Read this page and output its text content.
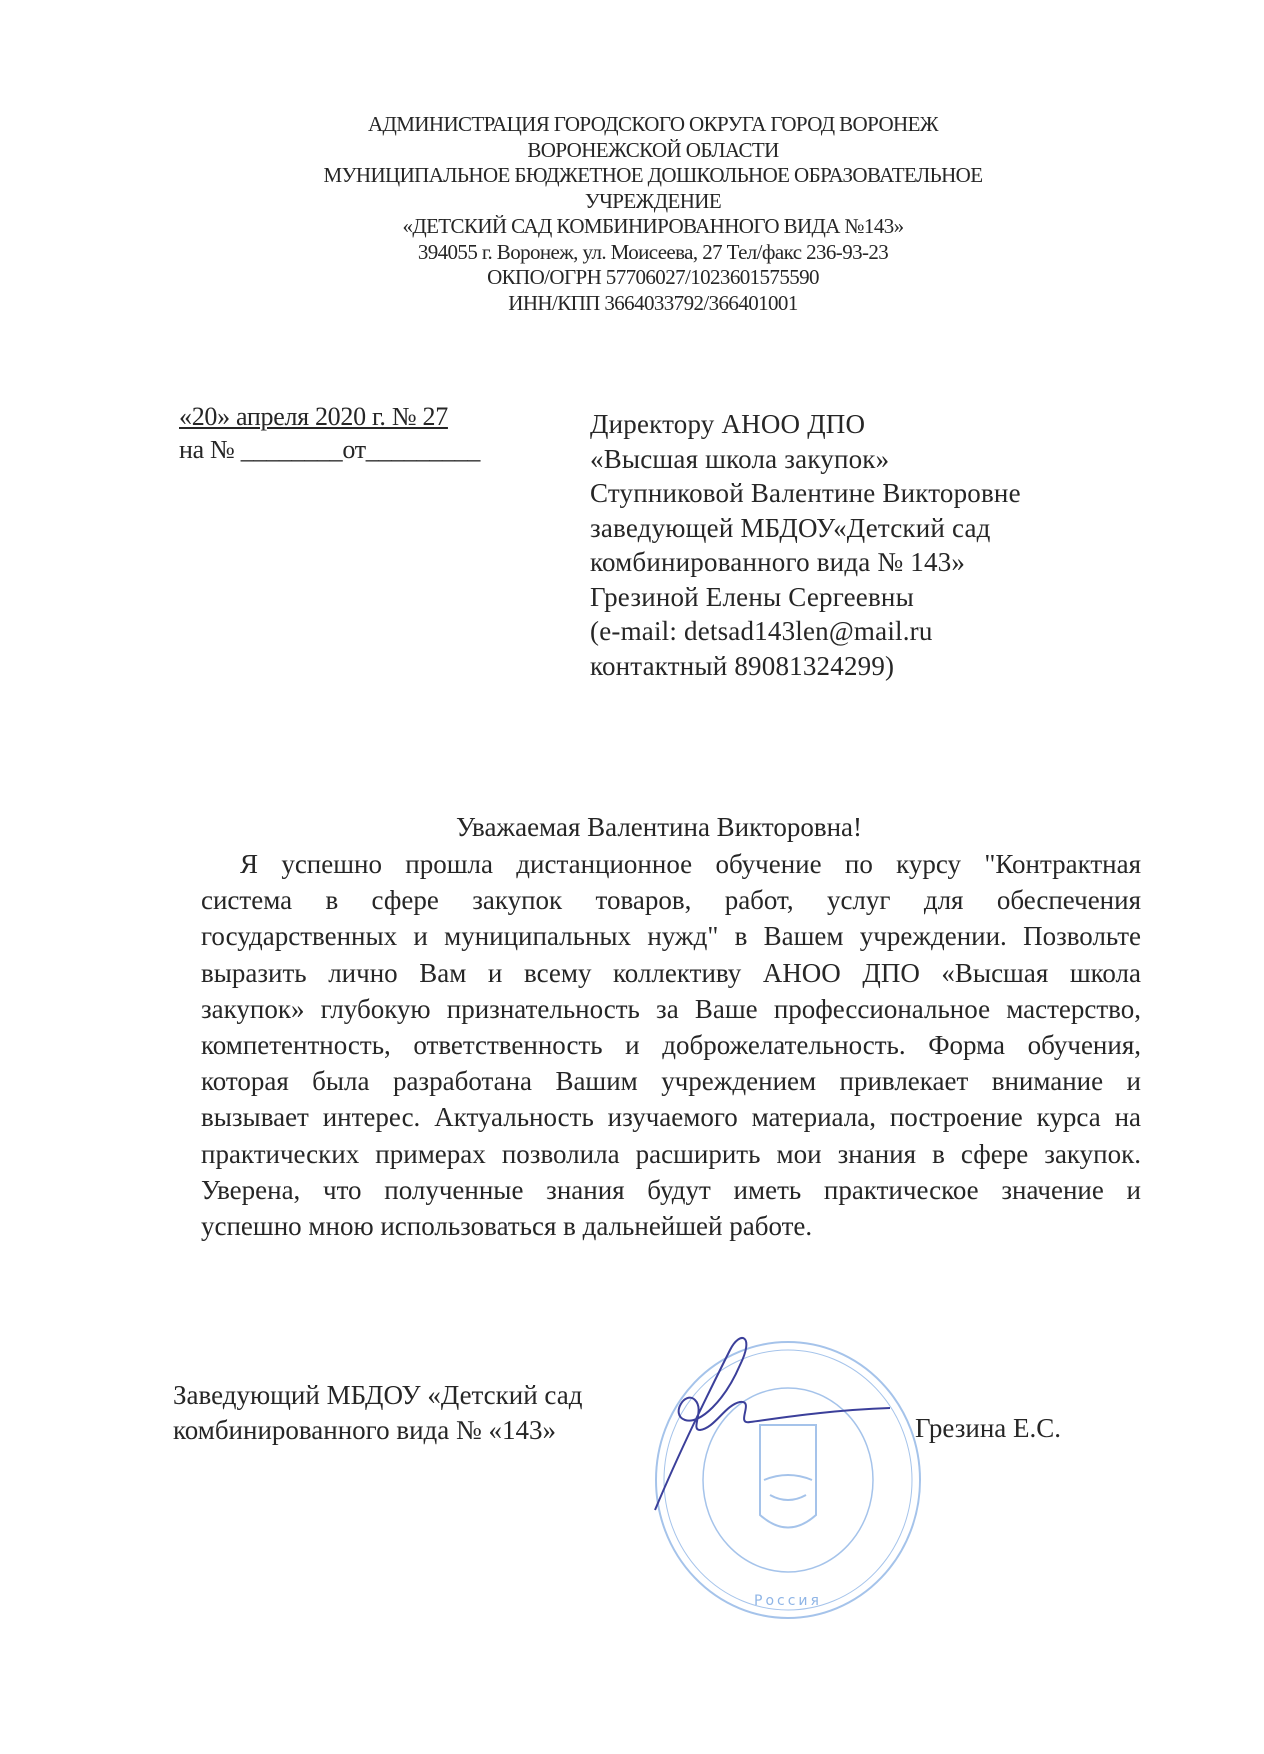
АДМИНИСТРАЦИЯ ГОРОДСКОГО ОКРУГА ГОРОД ВОРОНЕЖ
ВОРОНЕЖСКОЙ ОБЛАСТИ
МУНИЦИПАЛЬНОЕ БЮДЖЕТНОЕ ДОШКОЛЬНОЕ ОБРАЗОВАТЕЛЬНОЕ
УЧРЕЖДЕНИЕ
«ДЕТСКИЙ САД КОМБИНИРОВАННОГО ВИДА №143»
394055 г. Воронеж, ул. Моисеева, 27 Тел/факс 236-93-23
ОКПО/ОГРН 57706027/1023601575590
ИНН/КПП 3664033792/366401001
«20» апреля 2020 г. № 27
на № ________от_________
Директору АНОО ДПО
«Высшая школа закупок»
Ступниковой Валентине Викторовне
заведующей МБДОУ«Детский сад
комбинированного вида № 143»
Грезиной Елены Сергеевны
(e-mail: detsad143len@mail.ru
контактный 89081324299)
Уважаемая Валентина Викторовна!
Я успешно прошла дистанционное обучение по курсу "Контрактная
система в сфере закупок товаров, работ, услуг для обеспечения
государственных и муниципальных нужд" в Вашем учреждении. Позвольте
выразить лично Вам и всему коллективу АНОО ДПО «Высшая школа
закупок» глубокую признательность за Ваше профессиональное мастерство,
компетентность, ответственность и доброжелательность. Форма обучения,
которая была разработана Вашим учреждением привлекает внимание и
вызывает интерес. Актуальность изучаемого материала, построение курса на
практических примерах позволила расширить мои знания в сфере закупок.
Уверена, что полученные знания будут иметь практическое значение и
успешно мною использоваться в дальнейшей работе.
Заведующий МБДОУ «Детский сад
комбинированного вида № «143»
Россия
Грезина Е.С.
